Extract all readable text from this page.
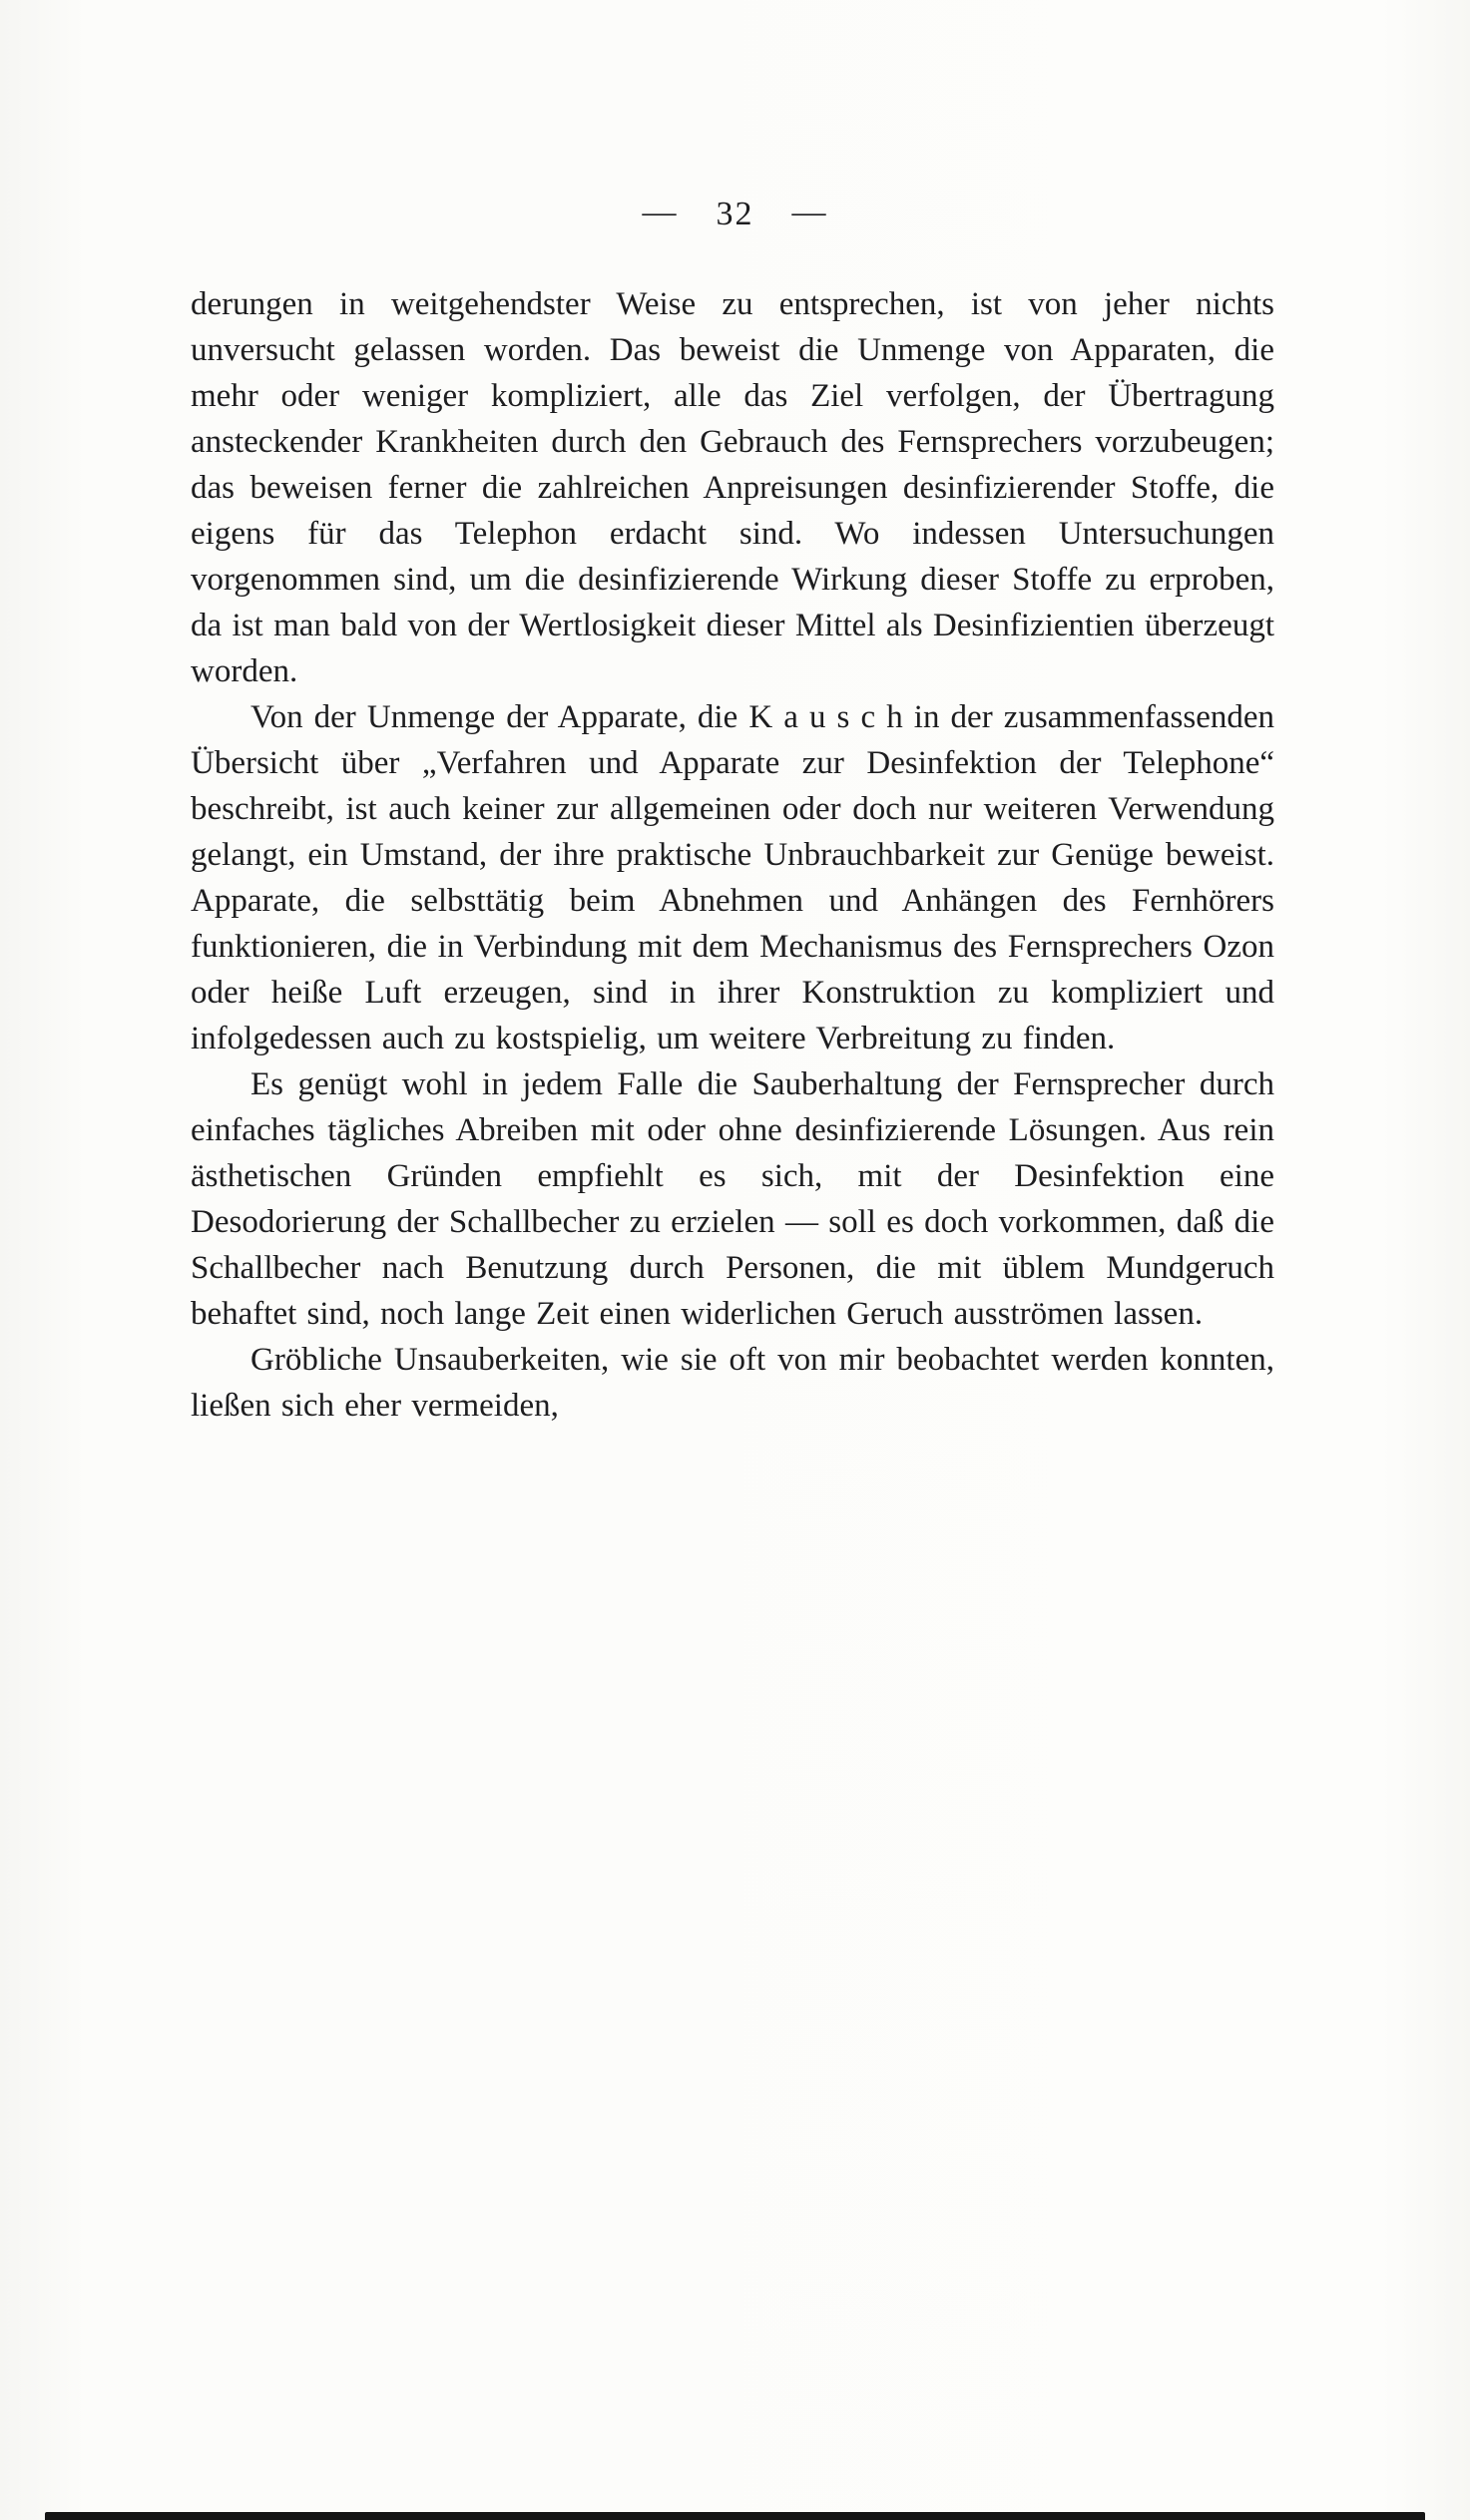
— 32 —

derungen in weitgehendster Weise zu entsprechen, ist von jeher nichts unversucht gelassen worden. Das beweist die Unmenge von Apparaten, die mehr oder weniger kompliziert, alle das Ziel verfolgen, der Übertragung ansteckender Krankheiten durch den Gebrauch des Fernsprechers vorzubeugen; das beweisen ferner die zahlreichen Anpreisungen desinfizierender Stoffe, die eigens für das Telephon erdacht sind. Wo indessen Untersuchungen vorgenommen sind, um die desinfizierende Wirkung dieser Stoffe zu erproben, da ist man bald von der Wertlosigkeit dieser Mittel als Desinfizientien überzeugt worden.

Von der Unmenge der Apparate, die K a u s c h in der zusammenfassenden Übersicht über „Verfahren und Apparate zur Desinfektion der Telephone“ beschreibt, ist auch keiner zur allgemeinen oder doch nur weiteren Verwendung gelangt, ein Umstand, der ihre praktische Unbrauchbarkeit zur Genüge beweist. Apparate, die selbsttätig beim Abnehmen und Anhängen des Fernhörers funktionieren, die in Verbindung mit dem Mechanismus des Fernsprechers Ozon oder heiße Luft erzeugen, sind in ihrer Konstruktion zu kompliziert und infolgedessen auch zu kostspielig, um weitere Verbreitung zu finden.

Es genügt wohl in jedem Falle die Sauberhaltung der Fernsprecher durch einfaches tägliches Abreiben mit oder ohne desinfizierende Lösungen. Aus rein ästhetischen Gründen empfiehlt es sich, mit der Desinfektion eine Desodorierung der Schallbecher zu erzielen — soll es doch vorkommen, daß die Schallbecher nach Benutzung durch Personen, die mit üblem Mundgeruch behaftet sind, noch lange Zeit einen widerlichen Geruch ausströmen lassen.

Gröbliche Unsauberkeiten, wie sie oft von mir beobachtet werden konnten, ließen sich eher vermeiden,
